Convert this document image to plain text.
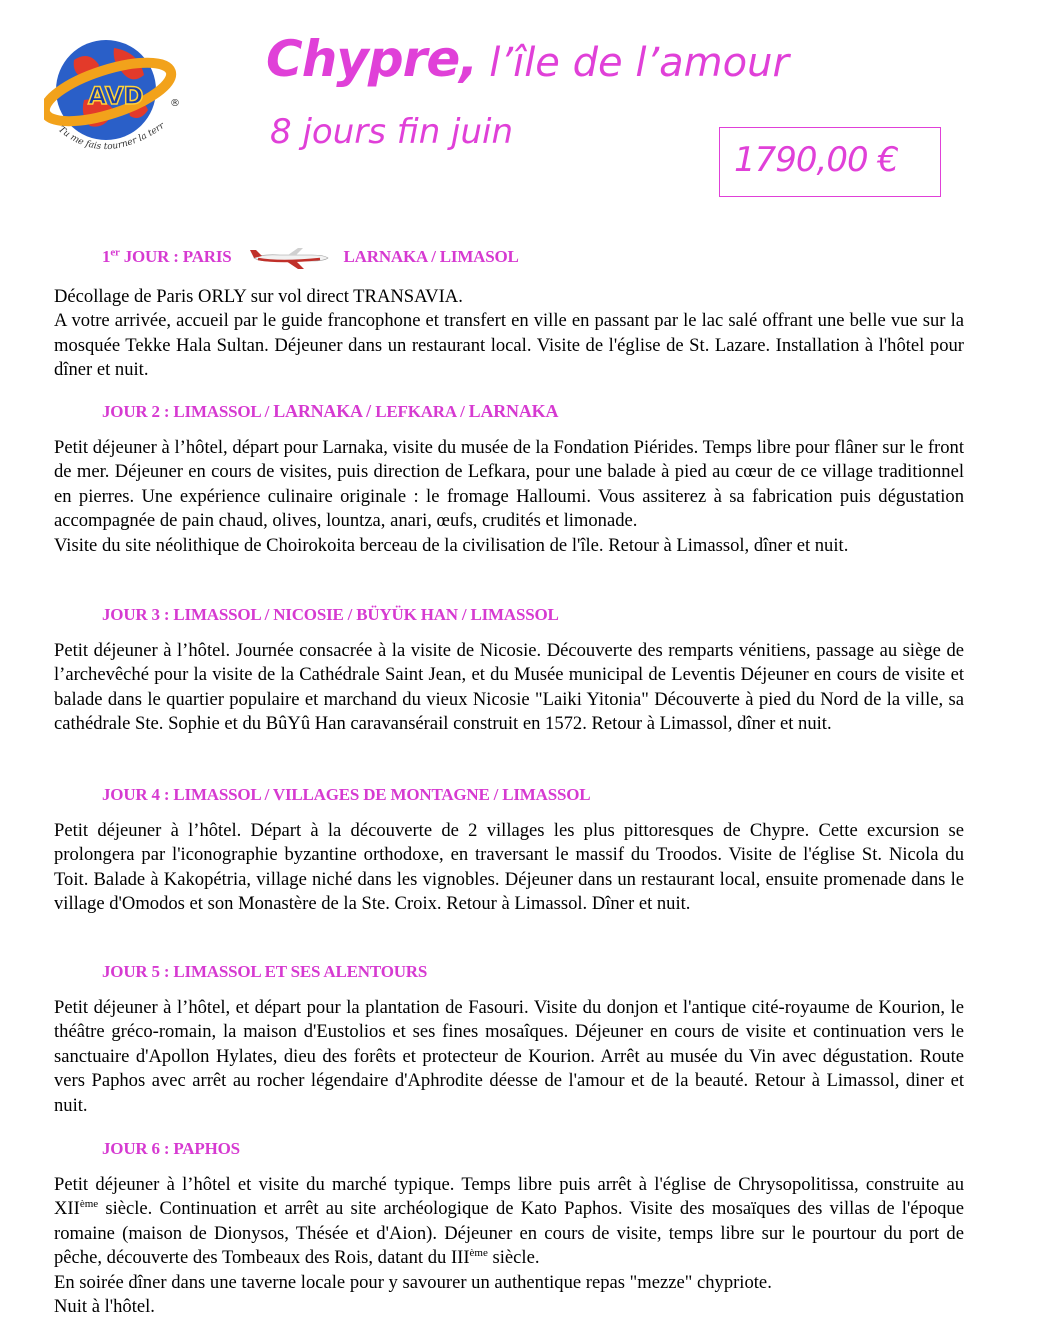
AVD	®
Tu me fais tourner la terr
Chypre, l’île de l’amour
8 jours fin juin
1790,00 €
1er JOUR : PARIS	LARNAKA / LIMASOL

Décollage de Paris ORLY sur vol direct TRANSAVIA.

A votre arrivée, accueil par le guide francophone et transfert en ville en passant par le lac salé offrant une belle vue sur la mosquée Tekke Hala Sultan. Déjeuner dans un restaurant local. Visite de l'église de St. Lazare. Installation à l'hôtel pour dîner et nuit.

JOUR 2 : LIMASSOL / LARNAKA / LEFKARA / LARNAKA

Petit déjeuner à l’hôtel, départ pour Larnaka, visite du musée de la Fondation Piérides. Temps libre pour flâner sur le front de mer. Déjeuner en cours de visites, puis direction de Lefkara, pour une balade à pied au cœur de ce village traditionnel en pierres. Une expérience culinaire originale : le fromage Halloumi. Vous assiterez à sa fabrication puis dégustation accompagnée de pain chaud, olives, lountza, anari, œufs, crudités et limonade.

Visite du site néolithique de Choirokoita berceau de la civilisation de l'île. Retour à Limassol, dîner et nuit.

JOUR 3 : LIMASSOL / NICOSIE / BÜYÜK HAN / LIMASSOL

Petit déjeuner à l’hôtel. Journée consacrée à la visite de Nicosie. Découverte des remparts vénitiens, passage au siège de l’archevêché pour la visite de la Cathédrale Saint Jean, et du Musée municipal de Leventis Déjeuner en cours de visite et balade dans le quartier populaire et marchand du vieux Nicosie "Laiki Yitonia" Découverte à pied du Nord de la ville, sa cathédrale Ste. Sophie et du BûYû Han caravansérail construit en 1572. Retour à Limassol, dîner et nuit.

JOUR 4 : LIMASSOL / VILLAGES DE MONTAGNE / LIMASSOL

Petit déjeuner à l’hôtel. Départ à la découverte de 2 villages les plus pittoresques de Chypre. Cette excursion se prolongera par l'iconographie byzantine orthodoxe, en traversant le massif du Troodos. Visite de l'église St. Nicola du Toit. Balade à Kakopétria, village niché dans les vignobles. Déjeuner dans un restaurant local, ensuite promenade dans le village d'Omodos et son Monastère de la Ste. Croix. Retour à Limassol. Dîner et nuit.

JOUR 5 : LIMASSOL ET SES ALENTOURS

Petit déjeuner à l’hôtel, et départ pour la plantation de Fasouri. Visite du donjon et l'antique cité-royaume de Kourion, le théâtre gréco-romain, la maison d'Eustolios et ses fines mosaîques. Déjeuner en cours de visite et continuation vers le sanctuaire d'Apollon Hylates, dieu des forêts et protecteur de Kourion. Arrêt au musée du Vin avec dégustation. Route vers Paphos avec arrêt au rocher légendaire d'Aphrodite déesse de l'amour et de la beauté. Retour à Limassol, diner et nuit.

JOUR 6 : PAPHOS

Petit déjeuner à l’hôtel et visite du marché typique. Temps libre puis arrêt à l'église de Chrysopolitissa, construite au XIIème siècle. Continuation et arrêt au site archéologique de Kato Paphos. Visite des mosaïques des villas de l'époque romaine (maison de Dionysos, Thésée et d'Aion). Déjeuner en cours de visite, temps libre sur le pourtour du port de pêche, découverte des Tombeaux des Rois, datant du IIIème siècle.

En soirée dîner dans une taverne locale pour y savourer un authentique repas "mezze" chypriote.

Nuit à l'hôtel.
